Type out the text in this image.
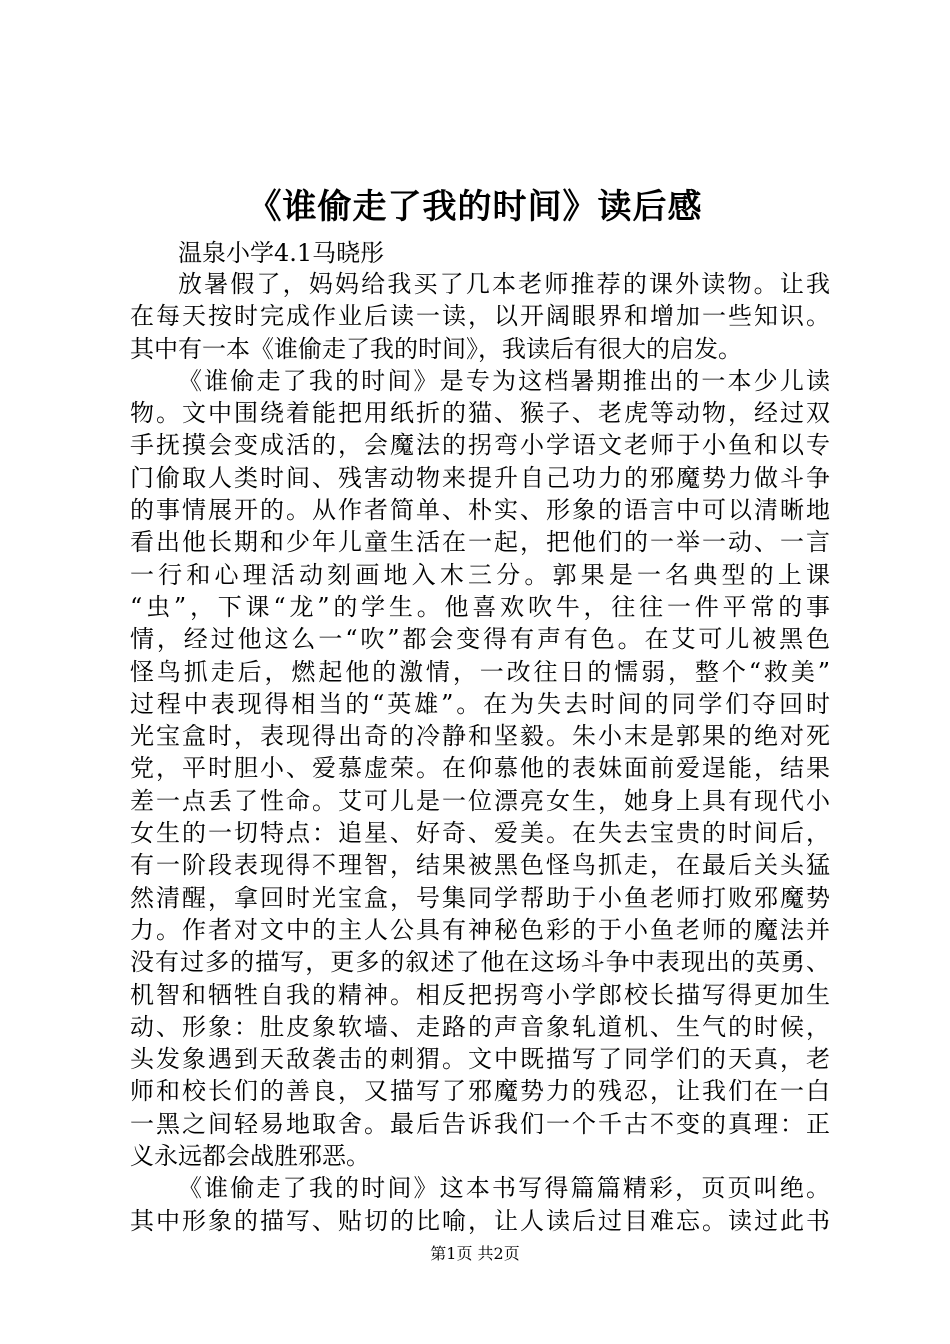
《谁偷走了我的时间》读后感
温泉小学4.1马晓彤
放暑假了，妈妈给我买了几本老师推荐的课外读物。让我
在每天按时完成作业后读一读，以开阔眼界和增加一些知识。
其中有一本《谁偷走了我的时间》，我读后有很大的启发。
《谁偷走了我的时间》是专为这档暑期推出的一本少儿读
物。文中围绕着能把用纸折的猫、猴子、老虎等动物，经过双
手抚摸会变成活的，会魔法的拐弯小学语文老师于小鱼和以专
门偷取人类时间、残害动物来提升自己功力的邪魔势力做斗争
的事情展开的。从作者简单、朴实、形象的语言中可以清晰地
看出他长期和少年儿童生活在一起，把他们的一举一动、一言
一行和心理活动刻画地入木三分。郭果是一名典型的上课
“虫”，下课“龙”的学生。他喜欢吹牛，往往一件平常的事
情，经过他这么一“吹”都会变得有声有色。在艾可儿被黑色
怪鸟抓走后，燃起他的激情，一改往日的懦弱，整个“救美”
过程中表现得相当的“英雄”。在为失去时间的同学们夺回时
光宝盒时，表现得出奇的冷静和坚毅。朱小末是郭果的绝对死
党，平时胆小、爱慕虚荣。在仰慕他的表妹面前爱逞能，结果
差一点丢了性命。艾可儿是一位漂亮女生，她身上具有现代小
女生的一切特点：追星、好奇、爱美。在失去宝贵的时间后，
有一阶段表现得不理智，结果被黑色怪鸟抓走，在最后关头猛
然清醒，拿回时光宝盒，号集同学帮助于小鱼老师打败邪魔势
力。作者对文中的主人公具有神秘色彩的于小鱼老师的魔法并
没有过多的描写，更多的叙述了他在这场斗争中表现出的英勇、
机智和牺牲自我的精神。相反把拐弯小学郎校长描写得更加生
动、形象：肚皮象软墙、走路的声音象轧道机、生气的时候，
头发象遇到天敌袭击的刺猬。文中既描写了同学们的天真，老
师和校长们的善良，又描写了邪魔势力的残忍，让我们在一白
一黑之间轻易地取舍。最后告诉我们一个千古不变的真理：正
义永远都会战胜邪恶。
《谁偷走了我的时间》这本书写得篇篇精彩，页页叫绝。
其中形象的描写、贴切的比喻，让人读后过目难忘。读过此书
第1页 共2页
